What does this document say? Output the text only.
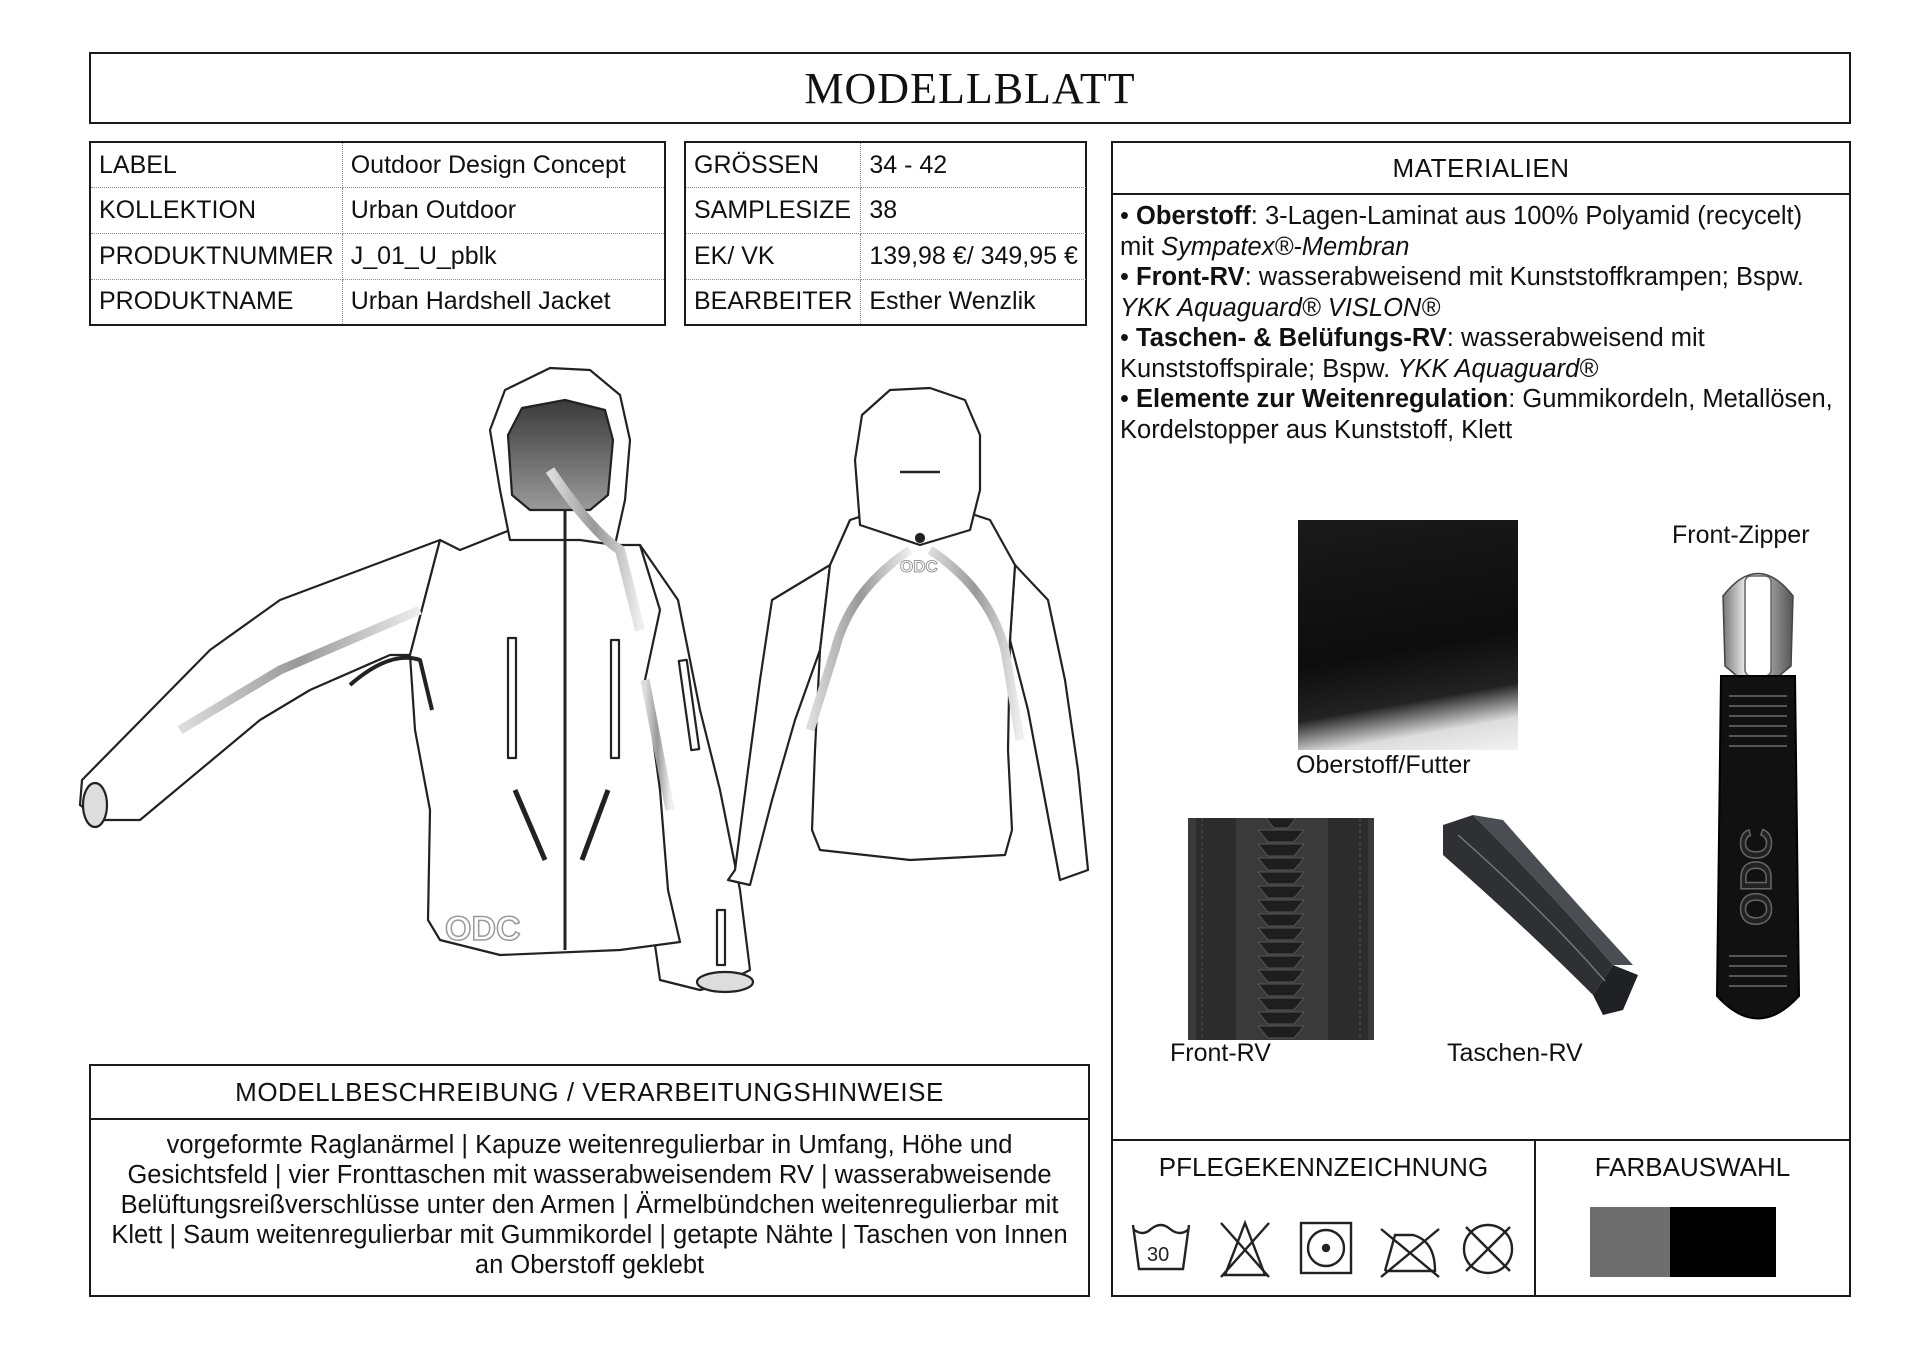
MODELLBLATT
LABEL	Outdoor Design Concept
KOLLEKTION	Urban Outdoor
PRODUKTNUMMER	J_01_U_pblk
PRODUKTNAME	Urban Hardshell Jacket
GRÖSSEN	34 - 42
SAMPLESIZE	38
EK/ VK	139,98 €/ 349,95 €
BEARBEITER	Esther Wenzlik
ODC
ODC
MODELLBESCHREIBUNG / VERARBEITUNGSHINWEISE
vorgeformte Raglanärmel | Kapuze weitenregulierbar in Umfang, Höhe und Gesichtsfeld | vier Fronttaschen mit wasserabweisendem RV | wasserabweisende Belüftungsreißverschlüsse unter den Armen | Ärmelbündchen weitenregulierbar mit Klett | Saum weitenregulierbar mit Gummikordel | getapte Nähte | Taschen von Innen an Oberstoff geklebt
MATERIALIEN
• Oberstoff: 3-Lagen-Laminat aus 100% Polyamid (recycelt) mit Sympatex®-Membran
• Front-RV: wasserabweisend mit Kunststoffkrampen; Bspw. YKK Aquaguard® VISLON®
• Taschen- & Belüfungs-RV: wasserabweisend mit Kunststoffspirale; Bspw. YKK Aquaguard®
• Elemente zur Weitenregulation: Gummikordeln, Metallösen, Kordelstopper aus Kunststoff, Klett
Oberstoff/Futter
Front-RV	Taschen-RV
Front-Zipper
ODC
PFLEGEKENNZEICHNUNG
30
FARBAUSWAHL
